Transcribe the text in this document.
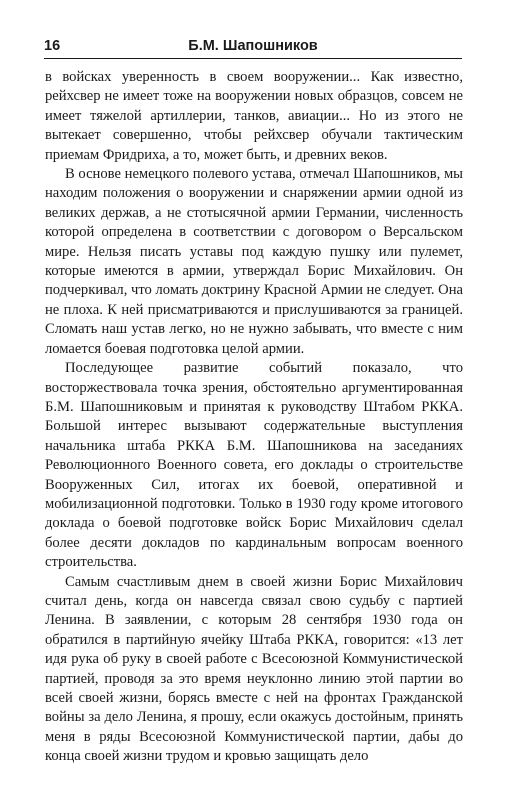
16	Б.М. Шапошников

в войсках уверенность в своем вооружении... Как известно, рейхсвер не имеет тоже на вооружении новых образцов, совсем не имеет тяжелой артиллерии, танков, авиации... Но из этого не вытекает совершенно, чтобы рейхсвер обучали тактическим приемам Фридриха, а то, может быть, и древних веков.

В основе немецкого полевого устава, отмечал Шапошников, мы находим положения о вооружении и снаряжении армии одной из великих держав, а не стотысячной армии Германии, численность которой определена в соответствии с договором о Версальском мире. Нельзя писать уставы под каждую пушку или пулемет, которые имеются в армии, утверждал Борис Михайлович. Он подчеркивал, что ломать доктрину Красной Армии не следует. Она не плоха. К ней присматриваются и прислушиваются за границей. Сломать наш устав легко, но не нужно забывать, что вместе с ним ломается боевая подготовка целой армии.

Последующее развитие событий показало, что восторжествовала точка зрения, обстоятельно аргументированная Б.М. Шапошниковым и принятая к руководству Штабом РККА. Большой интерес вызывают содержательные выступления начальника штаба РККА Б.М. Шапошникова на заседаниях Революционного Военного совета, его доклады о строительстве Вооруженных Сил, итогах их боевой, оперативной и мобилизационной подготовки. Только в 1930 году кроме итогового доклада о боевой подготовке войск Борис Михайлович сделал более десяти докладов по кардинальным вопросам военного строительства.

Самым счастливым днем в своей жизни Борис Михайлович считал день, когда он навсегда связал свою судьбу с партией Ленина. В заявлении, с которым 28 сентября 1930 года он обратился в партийную ячейку Штаба РККА, говорится: «13 лет идя рука об руку в своей работе с Всесоюзной Коммунистической партией, проводя за это время неуклонно линию этой партии во всей своей жизни, борясь вместе с ней на фронтах Гражданской войны за дело Ленина, я прошу, если окажусь достойным, принять меня в ряды Всесоюзной Коммунистической партии, дабы до конца своей жизни трудом и кровью защищать дело
